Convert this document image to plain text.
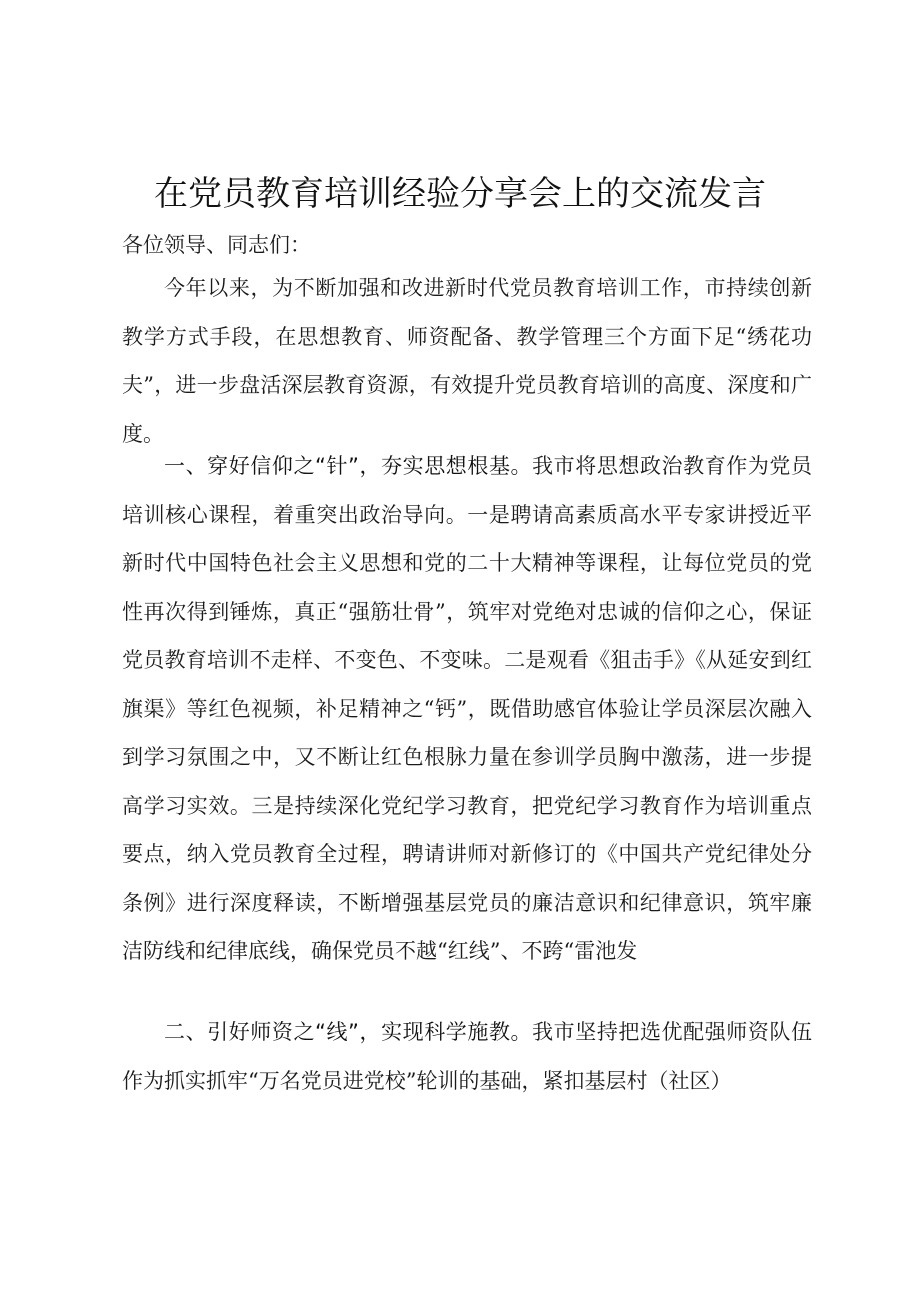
在党员教育培训经验分享会上的交流发言

各位领导、同志们：

今年以来，为不断加强和改进新时代党员教育培训工作，市持续创新教学方式手段，在思想教育、师资配备、教学管理三个方面下足“绣花功夫”，进一步盘活深层教育资源，有效提升党员教育培训的高度、深度和广度。

一、穿好信仰之“针”，夯实思想根基。我市将思想政治教育作为党员培训核心课程，着重突出政治导向。一是聘请高素质高水平专家讲授近平新时代中国特色社会主义思想和党的二十大精神等课程，让每位党员的党性再次得到锤炼，真正“强筋壮骨”，筑牢对党绝对忠诚的信仰之心，保证党员教育培训不走样、不变色、不变味。二是观看《狙击手》《从延安到红旗渠》等红色视频，补足精神之“钙”，既借助感官体验让学员深层次融入到学习氛围之中，又不断让红色根脉力量在参训学员胸中激荡，进一步提高学习实效。三是持续深化党纪学习教育，把党纪学习教育作为培训重点要点，纳入党员教育全过程，聘请讲师对新修订的《中国共产党纪律处分条例》进行深度释读，不断增强基层党员的廉洁意识和纪律意识，筑牢廉洁防线和纪律底线，确保党员不越“红线”、不跨“雷池发

二、引好师资之“线”，实现科学施教。我市坚持把选优配强师资队伍作为抓实抓牢“万名党员进党校”轮训的基础，紧扣基层村（社区）
